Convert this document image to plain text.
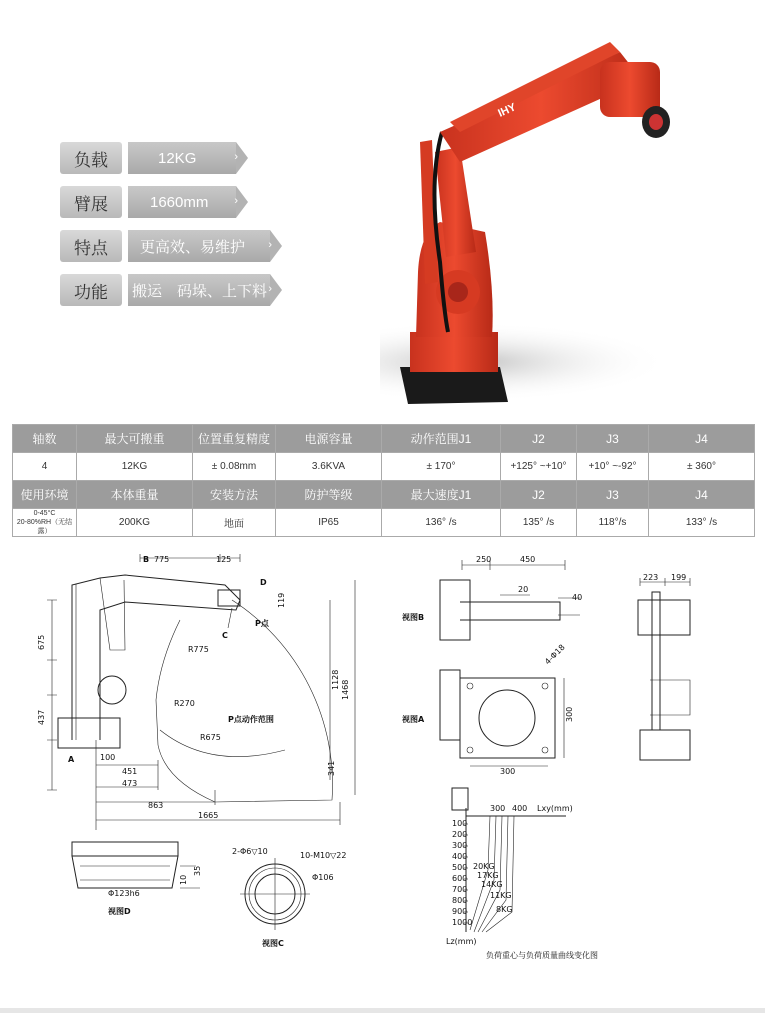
负载	12KG	›
臂展	1660mm ›
特点	更高效、易维护 ›
功能	搬运　码垛、上下料 ›
IHY
轴数	最大可搬重	位置重复精度	电源容量	动作范围J1	J2	J3	J4
4	12KG	± 0.08mm	3.6KVA	± 170°	+125° ~+10°	+10° ~-92°	± 360°
使用环境	本体重量	安装方法	防护等级	最大速度J1	J2	J3	J4
0-45°C
20-80%RH（无结露）	200KG	地面	IP65	136° /s	135° /s	118°/s	133° /s
B 775	125
D
C
P点
119
R775
675
1128 1468
R270
P点动作范围
R675
437
A	100
451
473
341
863
1665
视图B
250	450
20
40
视图A
4-Φ18
300
300
223 199
Φ123h6
10
35
视图D
2-Φ6▽10	10-M10▽22
Φ106
视图C
Lxy(mm)
300 400
100
200
300
400
500
600
700
800
900
1000
Lz(mm)
20KG
17KG
14KG
11KG
8KG
负荷重心与负荷质量曲线变化图
